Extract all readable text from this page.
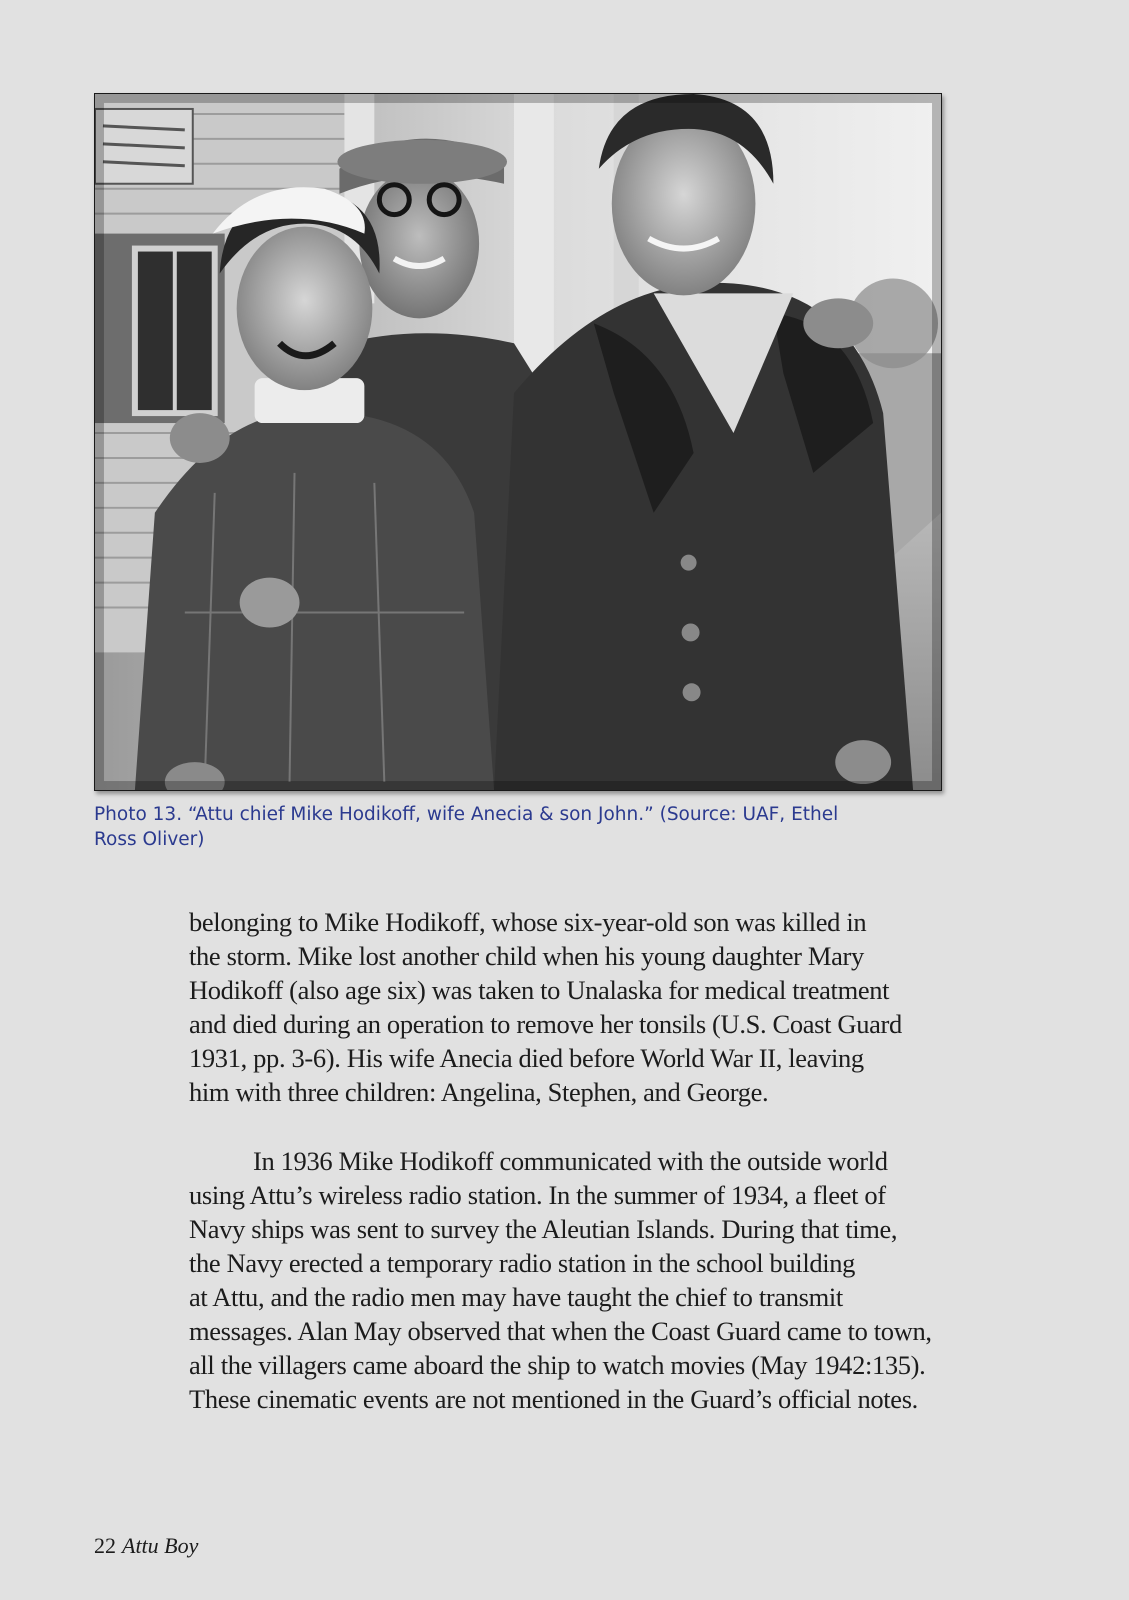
Photo 13. “Attu chief Mike Hodikoff, wife Anecia & son John.” (Source: UAF, Ethel
Ross Oliver)

belonging to Mike Hodikoff, whose six-year-old son was killed in
the storm. Mike lost another child when his young daughter Mary
Hodikoff (also age six) was taken to Unalaska for medical treatment
and died during an operation to remove her tonsils (U.S. Coast Guard
1931, pp. 3-6). His wife Anecia died before World War II, leaving
him with three children: Angelina, Stephen, and George.

In 1936 Mike Hodikoff communicated with the outside world
using Attu’s wireless radio station. In the summer of 1934, a fleet of
Navy ships was sent to survey the Aleutian Islands. During that time,
the Navy erected a temporary radio station in the school building
at Attu, and the radio men may have taught the chief to transmit
messages. Alan May observed that when the Coast Guard came to town,
all the villagers came aboard the ship to watch movies (May 1942:135).
These cinematic events are not mentioned in the Guard’s official notes.

22 Attu Boy
